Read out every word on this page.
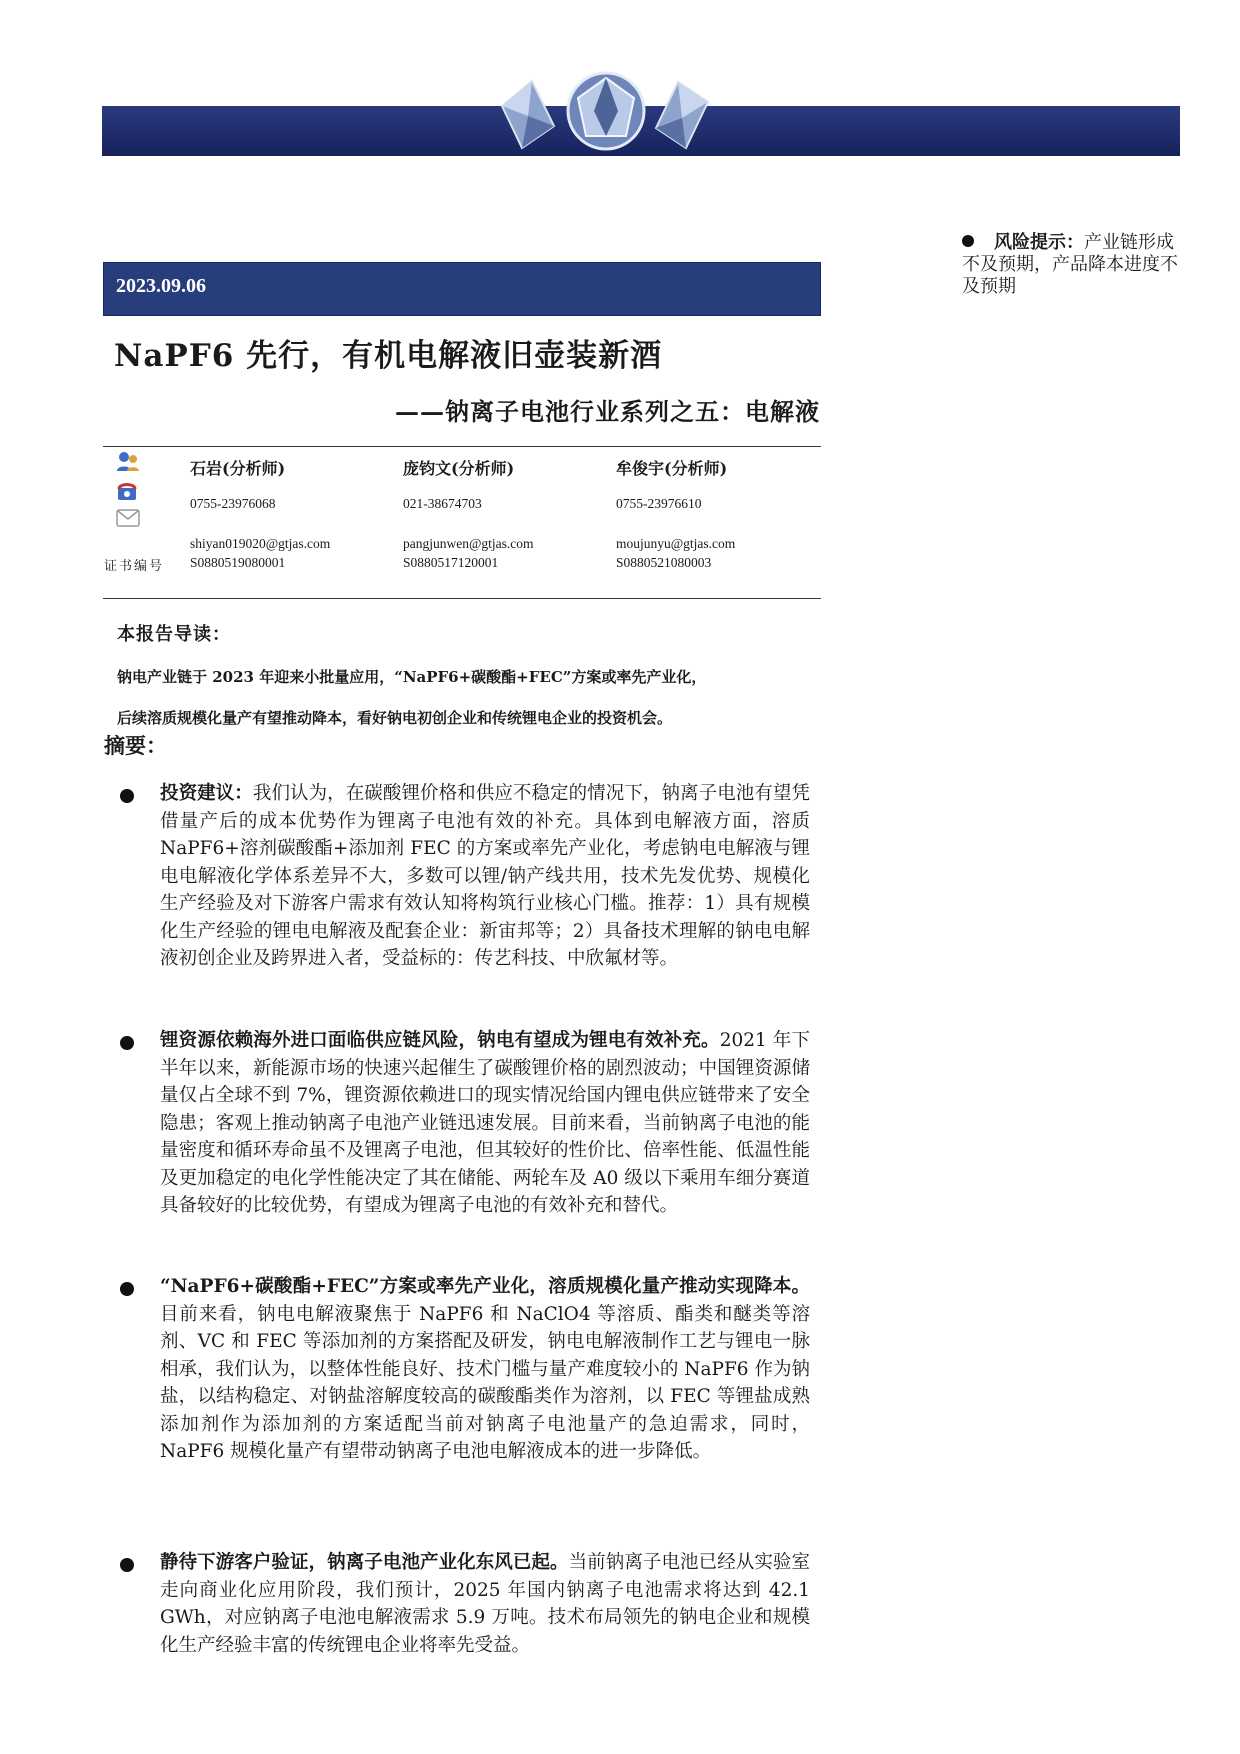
风险提示：产业链形成不及预期，产品降本进度不及预期
2023.09.06
NaPF6 先行，有机电解液旧壶装新酒
——钠离子电池行业系列之五：电解液
证书编号
石岩(分析师)
0755-23976068
shiyan019020@gtjas.com
S0880519080001
庞钧文(分析师)
021-38674703
pangjunwen@gtjas.com
S0880517120001
牟俊宇(分析师)
0755-23976610
moujunyu@gtjas.com
S0880521080003
本报告导读：
钠电产业链于 2023 年迎来小批量应用，“NaPF6+碳酸酯+FEC”方案或率先产业化，
后续溶质规模化量产有望推动降本，看好钠电初创企业和传统锂电企业的投资机会。
摘要：
投资建议：我们认为，在碳酸锂价格和供应不稳定的情况下，钠离子电池有望凭借量产后的成本优势作为锂离子电池有效的补充。具体到电解液方面，溶质 NaPF6+溶剂碳酸酯+添加剂 FEC 的方案或率先产业化，考虑钠电电解液与锂电电解液化学体系差异不大，多数可以锂/钠产线共用，技术先发优势、规模化生产经验及对下游客户需求有效认知将构筑行业核心门槛。推荐：1）具有规模化生产经验的锂电电解液及配套企业：新宙邦等；2）具备技术理解的钠电电解液初创企业及跨界进入者，受益标的：传艺科技、中欣氟材等。
锂资源依赖海外进口面临供应链风险，钠电有望成为锂电有效补充。2021 年下半年以来，新能源市场的快速兴起催生了碳酸锂价格的剧烈波动；中国锂资源储量仅占全球不到 7%，锂资源依赖进口的现实情况给国内锂电供应链带来了安全隐患；客观上推动钠离子电池产业链迅速发展。目前来看，当前钠离子电池的能量密度和循环寿命虽不及锂离子电池，但其较好的性价比、倍率性能、低温性能及更加稳定的电化学性能决定了其在储能、两轮车及 A0 级以下乘用车细分赛道具备较好的比较优势，有望成为锂离子电池的有效补充和替代。
“NaPF6+碳酸酯+FEC”方案或率先产业化，溶质规模化量产推动实现降本。目前来看，钠电电解液聚焦于 NaPF6 和 NaClO4 等溶质、酯类和醚类等溶剂、VC 和 FEC 等添加剂的方案搭配及研发，钠电电解液制作工艺与锂电一脉相承，我们认为，以整体性能良好、技术门槛与量产难度较小的 NaPF6 作为钠盐，以结构稳定、对钠盐溶解度较高的碳酸酯类作为溶剂，以 FEC 等锂盐成熟添加剂作为添加剂的方案适配当前对钠离子电池量产的急迫需求，同时，NaPF6 规模化量产有望带动钠离子电池电解液成本的进一步降低。
静待下游客户验证，钠离子电池产业化东风已起。当前钠离子电池已经从实验室走向商业化应用阶段，我们预计，2025 年国内钠离子电池需求将达到 42.1 GWh，对应钠离子电池电解液需求 5.9 万吨。技术布局领先的钠电企业和规模化生产经验丰富的传统锂电企业将率先受益。
